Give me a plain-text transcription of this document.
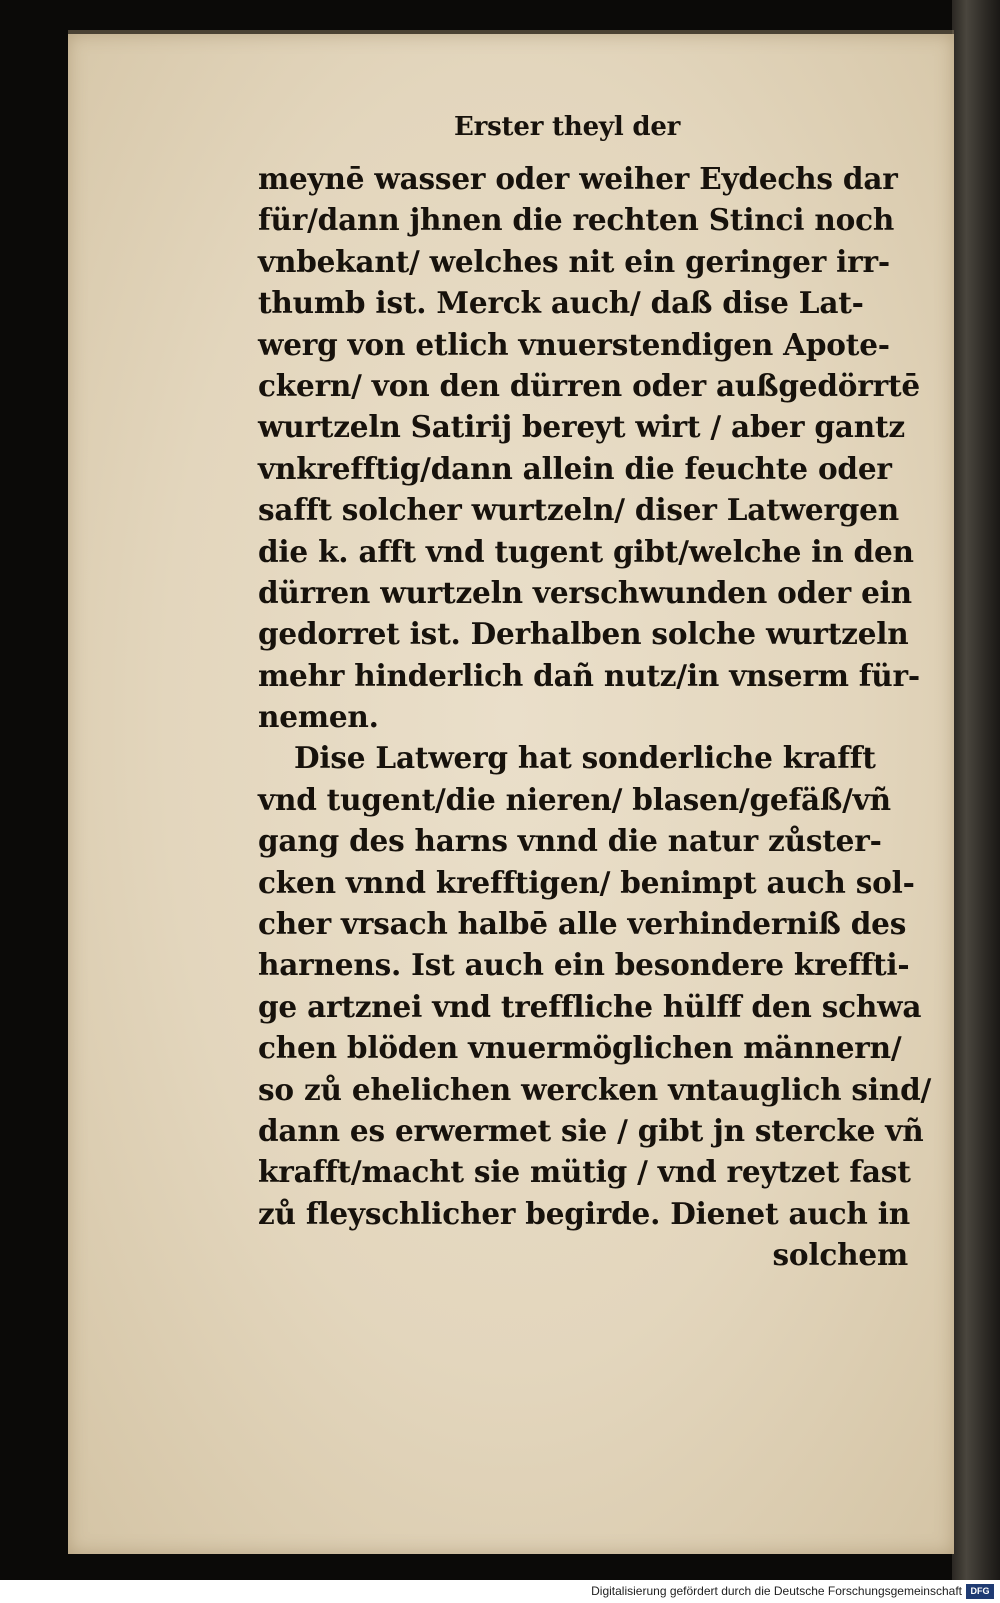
Erster theyl der
meynē wasser oder weiher Eydechs dar
für/dann jhnen die rechten Stinci noch
vnbekant/ welches nit ein geringer irr-
thumb ist. Merck auch/ daß dise Lat-
werg von etlich vnuerstendigen Apote-
ckern/ von den dürren oder außgedörrtē
wurtzeln Satirij bereyt wirt / aber gantz
vnkrefftig/dann allein die feuchte oder
safft solcher wurtzeln/ diser Latwergen
die k. afft vnd tugent gibt/welche in den
dürren wurtzeln verschwunden oder ein
gedorret ist. Derhalben solche wurtzeln
mehr hinderlich dañ nutz/in vnserm für-
nemen.
Dise Latwerg hat sonderliche krafft
vnd tugent/die nieren/ blasen/gefäß/vñ
gang des harns vnnd die natur zůster-
cken vnnd krefftigen/ benimpt auch sol-
cher vrsach halbē alle verhinderniß des
harnens. Ist auch ein besondere kreffti-
ge artznei vnd treffliche hülff den schwa
chen blöden vnuermöglichen männern/
so zů ehelichen wercken vntauglich sind/
dann es erwermet sie / gibt jn stercke vñ
krafft/macht sie mütig / vnd reytzet fast
zů fleyschlicher begirde. Dienet auch in
solchem
Digitalisierung gefördert durch die Deutsche Forschungsgemeinschaft DFG
